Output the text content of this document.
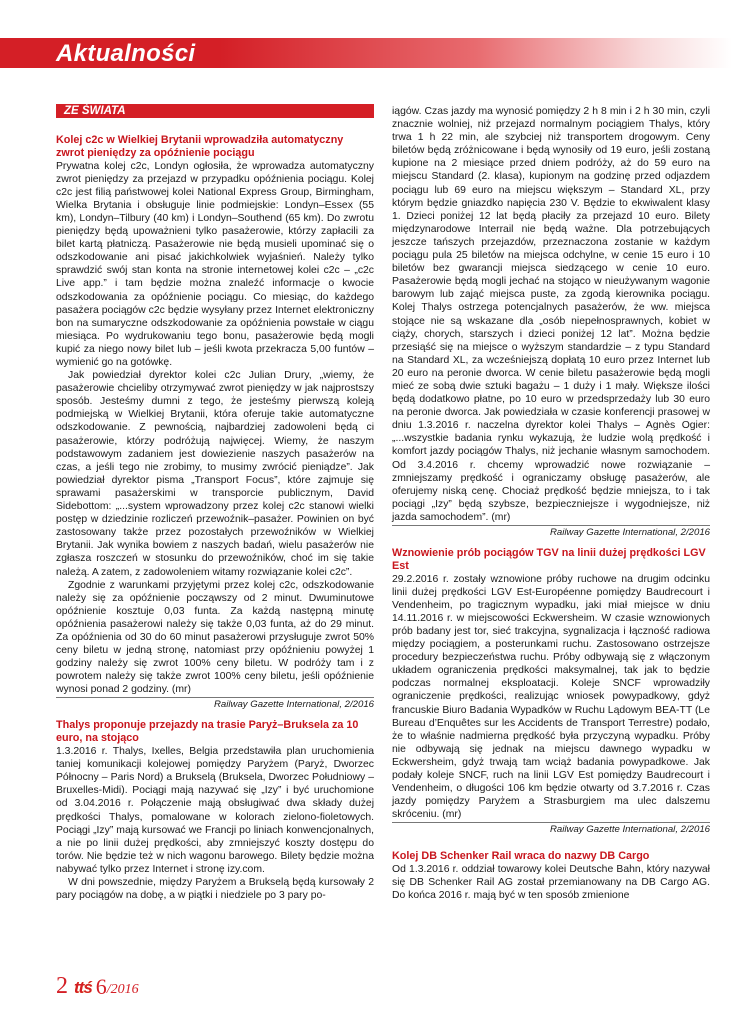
Aktualności
ZE ŚWIATA
Kolej c2c w Wielkiej Brytanii wprowadziła automatyczny zwrot pieniędzy za opóźnienie pociągu

Prywatna kolej c2c, Londyn ogłosiła, że wprowadza automatyczny zwrot pieniędzy za przejazd w przypadku opóźnienia pociągu. Kolej c2c jest filią państwowej kolei National Express Group, Birmingham, Wielka Brytania i obsługuje linie podmiejskie: Londyn–Essex (55 km), Londyn–Tilbury (40 km) i Londyn–Southend (65 km). Do zwrotu pieniędzy będą upoważnieni tylko pasażerowie, którzy zapłacili za bilet kartą płatniczą. Pasażerowie nie będą musieli upominać się o odszkodowanie ani pisać jakichkolwiek wyjaśnień. Należy tylko sprawdzić swój stan konta na stronie internetowej kolei c2c – „c2c Live app.” i tam będzie można znaleźć informacje o kwocie odszkodowania za opóźnienie pociągu. Co miesiąc, do każdego pasażera pociągów c2c będzie wysyłany przez Internet elektroniczny bon na sumaryczne odszkodowanie za opóźnienia powstałe w ciągu miesiąca. Po wydrukowaniu tego bonu, pasażerowie będą mogli kupić za niego nowy bilet lub – jeśli kwota przekracza 5,00 funtów – wymienić go na gotówkę.

Jak powiedział dyrektor kolei c2c Julian Drury, „wiemy, że pasażerowie chcieliby otrzymywać zwrot pieniędzy w jak najprostszy sposób. Jesteśmy dumni z tego, że jesteśmy pierwszą koleją podmiejską w Wielkiej Brytanii, która oferuje takie automatyczne odszkodowanie. Z pewnością, najbardziej zadowoleni będą ci pasażerowie, którzy podróżują najwięcej. Wiemy, że naszym podstawowym zadaniem jest dowiezienie naszych pasażerów na czas, a jeśli tego nie zrobimy, to musimy zwrócić pieniądze”. Jak powiedział dyrektor pisma „Transport Focus”, które zajmuje się sprawami pasażerskimi w transporcie publicznym, David Sidebottom: „...system wprowadzony przez kolej c2c stanowi wielki postęp w dziedzinie rozliczeń przewoźnik–pasażer. Powinien on być zastosowany także przez pozostałych przewoźników w Wielkiej Brytanii. Jak wynika bowiem z naszych badań, wielu pasażerów nie zgłasza roszczeń w stosunku do przewoźników, choć im się takie należą. A zatem, z zadowoleniem witamy rozwiązanie kolei c2c”.

Zgodnie z warunkami przyjętymi przez kolej c2c, odszkodowanie należy się za opóźnienie począwszy od 2 minut. Dwuminutowe opóźnienie kosztuje 0,03 funta. Za każdą następną minutę opóźnienia pasażerowi należy się także 0,03 funta, aż do 29 minut. Za opóźnienia od 30 do 60 minut pasażerowi przysługuje zwrot 50% ceny biletu w jedną stronę, natomiast przy opóźnieniu powyżej 1 godziny należy się zwrot 100% ceny biletu. W podróży tam i z powrotem należy się także zwrot 100% ceny biletu, jeśli opóźnienie wynosi ponad 2 godziny. (mr)

Railway Gazette International, 2/2016
Thalys proponuje przejazdy na trasie Paryż–Bruksela za 10 euro, na stojąco

1.3.2016 r. Thalys, Ixelles, Belgia przedstawiła plan uruchomienia taniej komunikacji kolejowej pomiędzy Paryżem (Paryż, Dworzec Północny – Paris Nord) a Brukselą (Bruksela, Dworzec Południowy – Bruxelles-Midi). Pociągi mają nazywać się „Izy” i być uruchomione od 3.04.2016 r. Połączenie mają obsługiwać dwa składy dużej prędkości Thalys, pomalowane w kolorach zielono-fioletowych. Pociągi „Izy” mają kursować we Francji po liniach konwencjonalnych, a nie po linii dużej prędkości, aby zmniejszyć koszty dostępu do torów. Nie będzie też w nich wagonu barowego. Bilety będzie można nabywać tylko przez Internet i stronę izy.com.

W dni powszednie, między Paryżem a Brukselą będą kursowały 2 pary pociągów na dobę, a w piątki i niedziele po 3 pary po-

iągów. Czas jazdy ma wynosić pomiędzy 2 h 8 min i 2 h 30 min, czyli znacznie wolniej, niż przejazd normalnym pociągiem Thalys, który trwa 1 h 22 min, ale szybciej niż transportem drogowym. Ceny biletów będą zróżnicowane i będą wynosiły od 19 euro, jeśli zostaną kupione na 2 miesiące przed dniem podróży, aż do 59 euro na miejscu Standard (2. klasa), kupionym na godzinę przed odjazdem pociągu lub 69 euro na miejscu większym – Standard XL, przy którym będzie gniazdko napięcia 230 V. Będzie to ekwiwalent klasy 1. Dzieci poniżej 12 lat będą płaciły za przejazd 10 euro. Bilety międzynarodowe Interrail nie będą ważne. Dla potrzebujących jeszcze tańszych przejazdów, przeznaczona zostanie w każdym pociągu pula 25 biletów na miejsca odchylne, w cenie 15 euro i 10 biletów bez gwarancji miejsca siedzącego w cenie 10 euro. Pasażerowie będą mogli jechać na stojąco w nieużywanym wagonie barowym lub zająć miejsca puste, za zgodą kierownika pociągu. Kolej Thalys ostrzega potencjalnych pasażerów, że ww. miejsca stojące nie są wskazane dla „osób niepełnosprawnych, kobiet w ciąży, chorych, starszych i dzieci poniżej 12 lat”. Można będzie przesiąść się na miejsce o wyższym standardzie – z typu Standard na Standard XL, za wcześniejszą dopłatą 10 euro przez Internet lub 20 euro na peronie dworca. W cenie biletu pasażerowie będą mogli mieć ze sobą dwie sztuki bagażu – 1 duży i 1 mały. Większe ilości będą dodatkowo płatne, po 10 euro w przedsprzedaży lub 30 euro na peronie dworca. Jak powiedziała w czasie konferencji prasowej w dniu 1.3.2016 r. naczelna dyrektor kolei Thalys – Agnès Ogier: „...wszystkie badania rynku wykazują, że ludzie wolą prędkość i komfort jazdy pociągów Thalys, niż jechanie własnym samochodem. Od 3.4.2016 r. chcemy wprowadzić nowe rozwiązanie – zmniejszamy prędkość i ograniczamy obsługę pasażerów, ale oferujemy niską cenę. Chociaż prędkość będzie mniejsza, to i tak pociągi „Izy” będą szybsze, bezpieczniejsze i wygodniejsze, niż jazda samochodem”. (mr)

Railway Gazette International, 2/2016
Wznowienie prób pociągów TGV na linii dużej prędkości LGV Est

29.2.2016 r. zostały wznowione próby ruchowe na drugim odcinku linii dużej prędkości LGV Est-Européenne pomiędzy Baudrecourt i Vendenheim, po tragicznym wypadku, jaki miał miejsce w dniu 14.11.2016 r. w miejscowości Eckwersheim. W czasie wznowionych prób badany jest tor, sieć trakcyjna, sygnalizacja i łączność radiowa między pociągiem, a posterunkami ruchu. Zastosowano ostrzejsze procedury bezpieczeństwa ruchu. Próby odbywają się z włączonym układem ograniczenia prędkości maksymalnej, tak jak to będzie podczas normalnej eksploatacji. Koleje SNCF wprowadziły ograniczenie prędkości, realizując wniosek powypadkowy, gdyż francuskie Biuro Badania Wypadków w Ruchu Lądowym BEA-TT (Le Bureau d’Enquêtes sur les Accidents de Transport Terrestre) podało, że to właśnie nadmierna prędkość była przyczyną wypadku. Próby nie odbywają się jednak na miejscu dawnego wypadku w Eckwersheim, gdyż trwają tam wciąż badania powypadkowe. Jak podały koleje SNCF, ruch na linii LGV Est pomiędzy Baudrecourt i Vendenheim, o długości 106 km będzie otwarty od 3.7.2016 r. Czas jazdy pomiędzy Paryżem a Strasburgiem ma ulec dalszemu skróceniu. (mr)

Railway Gazette International, 2/2016
Kolej DB Schenker Rail wraca do nazwy DB Cargo

Od 1.3.2016 r. oddział towarowy kolei Deutsche Bahn, który nazywał się DB Schenker Rail AG został przemianowany na DB Cargo AG. Do końca 2016 r. mają być w ten sposób zmienione

2 ttś 6 /2016
